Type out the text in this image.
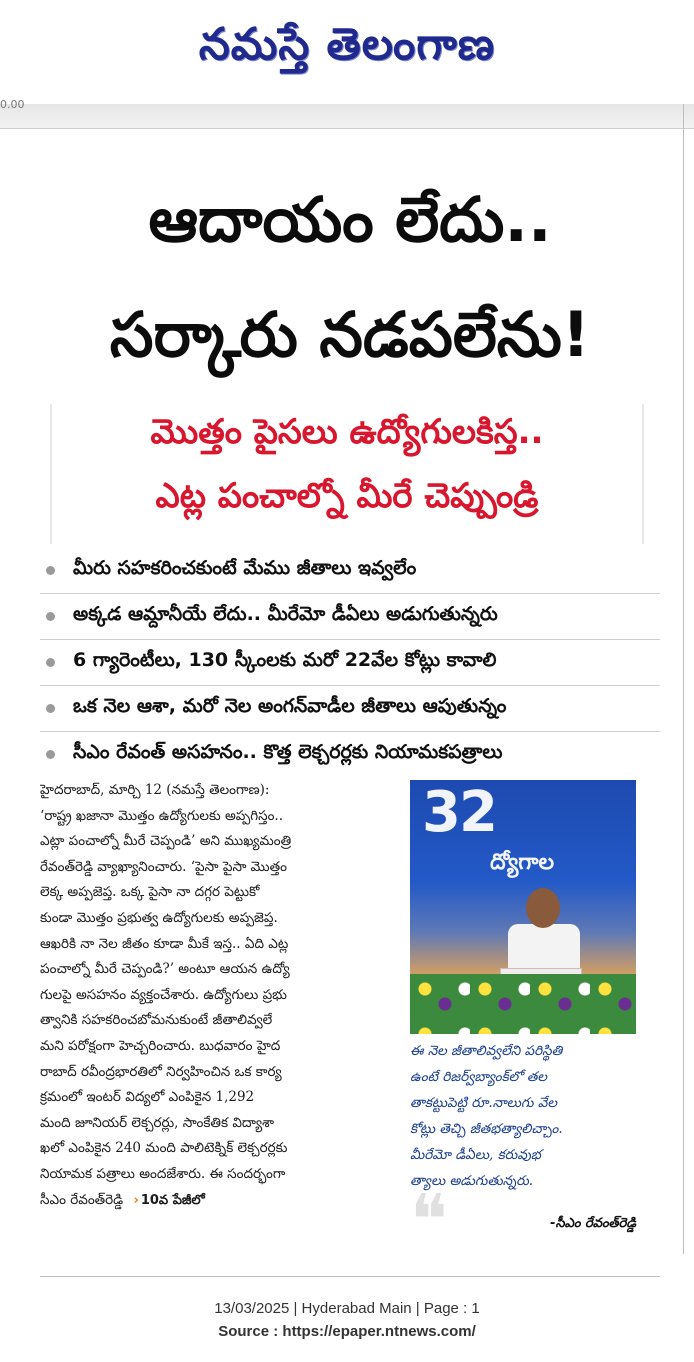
నమస్తే తెలంగాణ
0.00
ఆదాయం లేదు..
సర్కారు నడపలేను!
మొత్తం పైసలు ఉద్యోగులకిస్త..
ఎట్ల పంచాల్నో మీరే చెప్పుండ్రి
మీరు సహకరించకుంటే మేము జీతాలు ఇవ్వలేం
అక్కడ ఆమ్దానీయే లేదు.. మీరేమో డీఏలు అడుగుతున్నరు
6 గ్యారెంటీలు, 130 స్కీంలకు మరో 22వేల కోట్లు కావాలి
ఒక నెల ఆశా, మరో నెల అంగన్‌వాడీల జీతాలు ఆపుతున్నం
సీఎం రేవంత్ అసహనం.. కొత్త లెక్చరర్లకు నియామకపత్రాలు
హైదరాబాద్, మార్చి 12 (నమస్తే తెలంగాణ):
‘రాష్ట్ర ఖజానా మొత్తం ఉద్యోగులకు అప్పగిస్తం..
ఎట్లా పంచాల్నో మీరే చెప్పండి’ అని ముఖ్యమంత్రి
రేవంత్‌రెడ్డి వ్యాఖ్యానించారు. ‘పైసా పైసా మొత్తం
లెక్క అప్పజెప్త. ఒక్క పైసా నా దగ్గర పెట్టుకో
కుండా మొత్తం ప్రభుత్వ ఉద్యోగులకు అప్పజెప్త.
ఆఖరికి నా నెల జీతం కూడా మీకే ఇస్త.. ఏది ఎట్ల
పంచాల్నో మీరే చెప్పండి?’ అంటూ ఆయన ఉద్యో
గులపై అసహనం వ్యక్తంచేశారు. ఉద్యోగులు ప్రభు
త్వానికి సహకరించబోమనుకుంటే జీతాలివ్వలే
మని పరోక్షంగా హెచ్చరించారు. బుధవారం హైద
రాబాద్ రవీంద్రభారతిలో నిర్వహించిన ఒక కార్య
క్రమంలో ఇంటర్ విద్యలో ఎంపికైన 1,292
మంది జూనియర్ లెక్చరర్లు, సాంకేతిక విద్యాశా
ఖలో ఎంపికైన 240 మంది పాలిటెక్నిక్ లెక్చరర్లకు
నియామక పత్రాలు అందజేశారు. ఈ సందర్భంగా
సీఎం రేవంత్‌రెడ్డి › 10వ పేజీలో
32
ద్యోగాల
ఈ నెల జీతాలివ్వలేని పరిస్థితి
ఉంటే రిజర్వ్‌బ్యాంక్‌లో తల
తాకట్టుపెట్టి రూ.నాలుగు వేల
కోట్లు తెచ్చి జీతభత్యాలిచ్చాం.
మీరేమో డీఏలు, కరువుభ
త్యాలు అడుగుతున్నరు.
❝	-సీఎం రేవంత్‌రెడ్డి
13/03/2025 | Hyderabad Main | Page : 1
Source : https://epaper.ntnews.com/
